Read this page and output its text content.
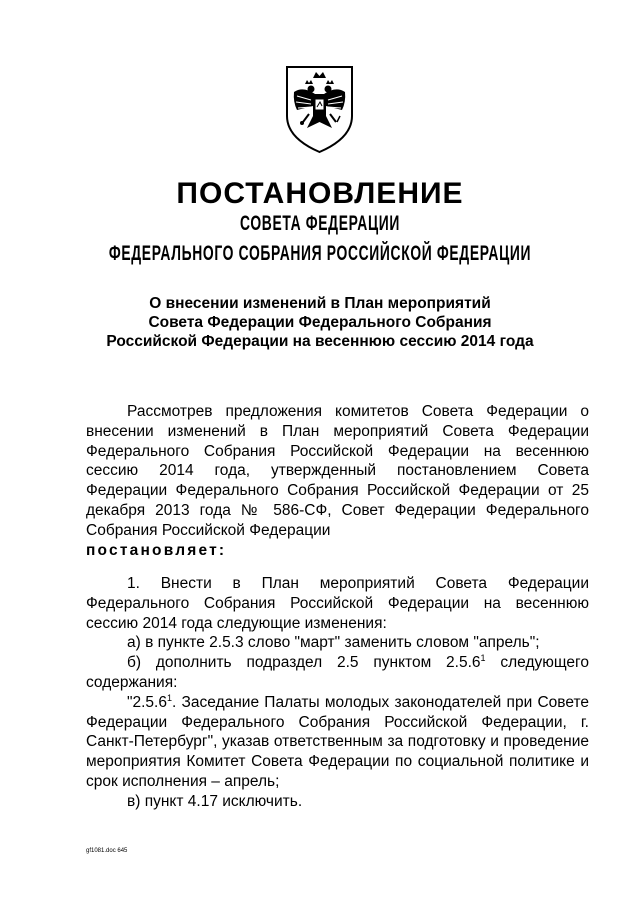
ПОСТАНОВЛЕНИЕ
СОВЕТА ФЕДЕРАЦИИ
ФЕДЕРАЛЬНОГО СОБРАНИЯ РОССИЙСКОЙ ФЕДЕРАЦИИ
О внесении изменений в План мероприятий
Совета Федерации Федерального Собрания
Российской Федерации на весеннюю сессию 2014 года

Рассмотрев предложения комитетов Совета Федерации о внесении изменений в План мероприятий Совета Федерации Федерального Собрания Российской Федерации на весеннюю сессию 2014 года, утвержденный постановлением Совета Федерации Федерального Собрания Российской Федерации от 25 декабря 2013 года № 586-СФ, Совет Федерации Федерального Собрания Российской Федерации

постановляет:

1. Внести в План мероприятий Совета Федерации Федерального Собрания Российской Федерации на весеннюю сессию 2014 года следующие изменения:

а) в пункте 2.5.3 слово "март" заменить словом "апрель";

б) дополнить подраздел 2.5 пунктом 2.5.6$^1$ следующего содержания:

"2.5.6$^1$. Заседание Палаты молодых законодателей при Совете Федерации Федерального Собрания Российской Федерации, г. Санкт-Петербург", указав ответственным за подготовку и проведение мероприятия Комитет Совета Федерации по социальной политике и срок исполнения – апрель;

в) пункт 4.17 исключить.

gf1081.doc 645
